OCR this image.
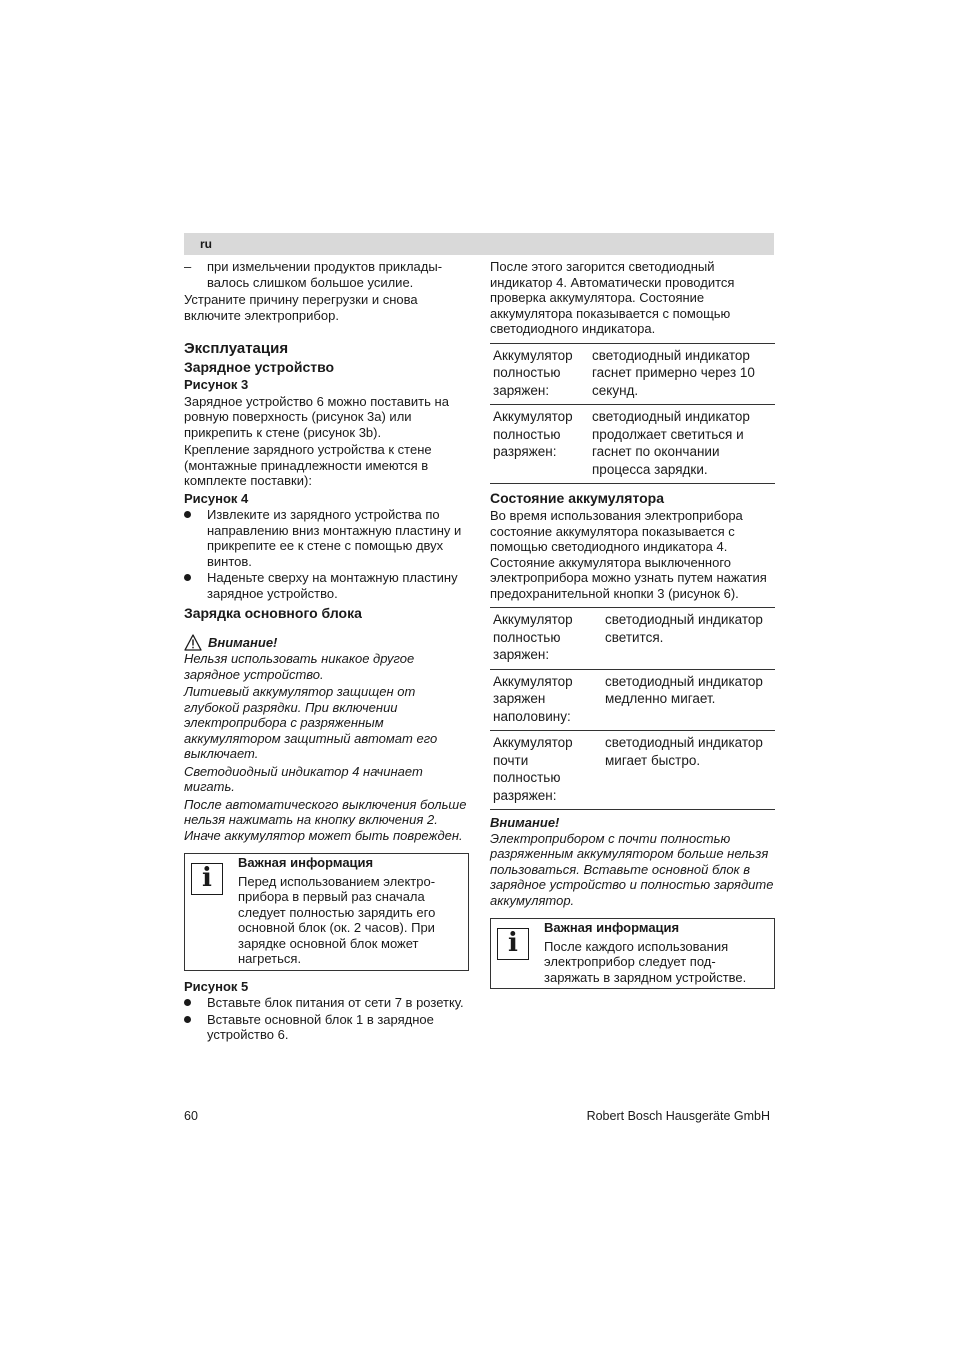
ru
–	при измельчении продуктов приклады-валось слишком большое усилие.

Устраните причину перегрузки и снова включите электроприбор.

Эксплуатация
Зарядное устройство
Рисунок 3

Зарядное устройство 6 можно поставить на ровную поверхность (рисунок 3a) или прикрепить к стене (рисунок 3b).

Крепление зарядного устройства к стене (монтажные принадлежности имеются в комплекте поставки):

Рисунок 4
Извлеките из зарядного устройства по направлению вниз монтажную пластину и прикрепите ее к стене с помощью двух винтов.
Наденьте сверху на монтажную пластину зарядное устройство.
Зарядка основного блока
Внимание!

Нельзя использовать никакое другое зарядное устройство.

Литиевый аккумулятор защищен от глубокой разрядки. При включении электроприбора с разряженным аккумулятором защитный автомат его выключает.

Светодиодный индикатор 4 начинает мигать.

После автоматического выключения больше нельзя нажимать на кнопку включения 2. Иначе аккумулятор может быть поврежден.

i
Важная информация
Перед использованием электро-прибора в первый раз сначала следует полностью зарядить его основной блок (ок. 2 часов). При зарядке основной блок может нагреться.
Рисунок 5
Вставьте блок питания от сети 7 в розетку.
Вставьте основной блок 1 в зарядное устройство 6.

После этого загорится светодиодный индикатор 4. Автоматически проводится проверка аккумулятора. Состояние аккумулятора показывается с помощью светодиодного индикатора.

Аккумулятор полностью заряжен:	светодиодный индикатор гаснет примерно через 10 секунд.
Аккумулятор полностью разряжен:	светодиодный индикатор продолжает светиться и гаснет по окончании процесса зарядки.
Состояние аккумулятора

Во время использования электроприбора состояние аккумулятора показывается с помощью светодиодного индикатора 4. Состояние аккумулятора выключенного электроприбора можно узнать путем нажатия предохранительной кнопки 3 (рисунок 6).

Аккумулятор полностью заряжен:	светодиодный индикатор светится.
Аккумулятор заряжен наполовину:	светодиодный индикатор медленно мигает.
Аккумулятор почти полностью разряжен:	светодиодный индикатор мигает быстро.
Внимание!

Электроприбором с почти полностью разряженным аккумулятором больше нельзя пользоваться. Вставьте основной блок в зарядное устройство и полностью зарядите аккумулятор.

i
Важная информация
После каждого использования электроприбор следует под-заряжать в зарядном устройстве.
60	Robert Bosch Hausgeräte GmbH
